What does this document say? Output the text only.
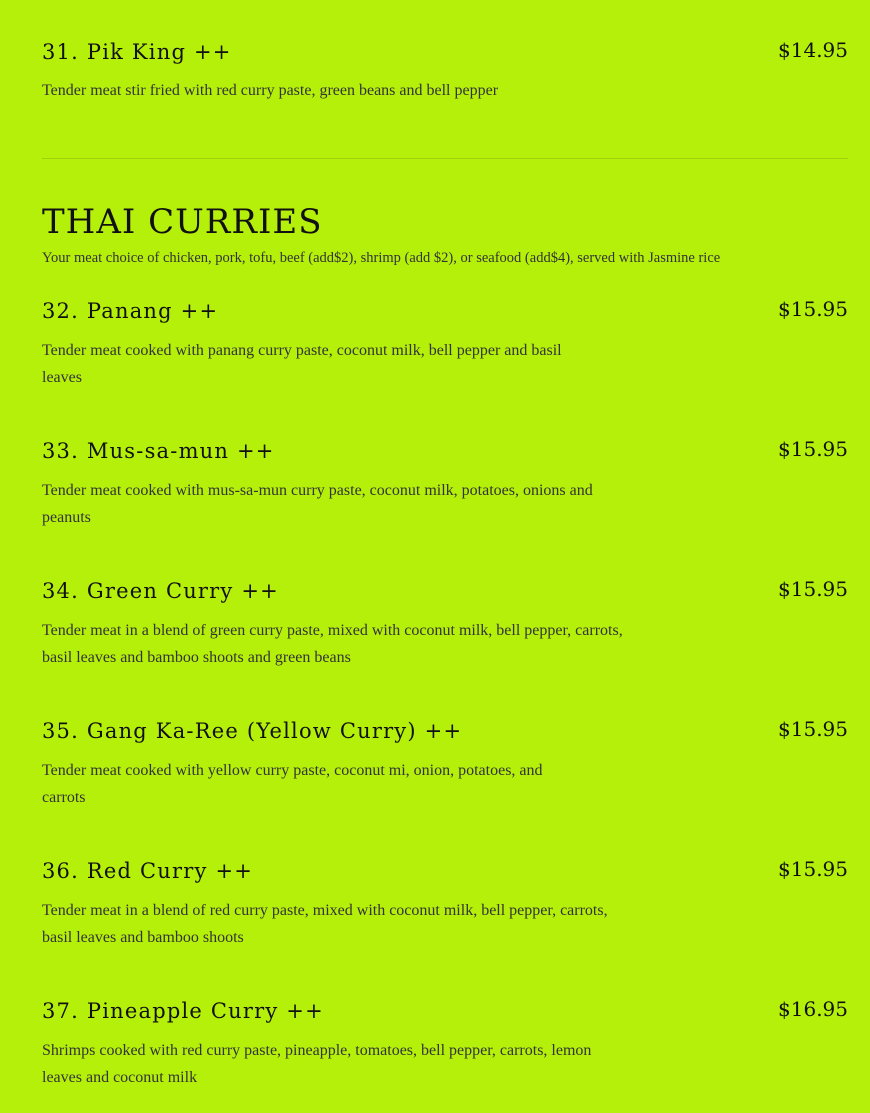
31. Pik King ++	$14.95
Tender meat stir fried with red curry paste, green beans and bell pepper
THAI CURRIES
Your meat choice of chicken, pork, tofu, beef (add$2), shrimp (add $2), or seafood (add$4), served with Jasmine rice
32. Panang ++	$15.95
Tender meat cooked with panang curry paste, coconut milk, bell pepper and basil leaves
33. Mus-sa-mun ++	$15.95
Tender meat cooked with mus-sa-mun curry paste, coconut milk, potatoes, onions and peanuts
34. Green Curry ++	$15.95
Tender meat in a blend of green curry paste, mixed with coconut milk, bell pepper, carrots, basil leaves and bamboo shoots and green beans
35. Gang Ka-Ree (Yellow Curry) ++	$15.95
Tender meat cooked with yellow curry paste, coconut mi, onion, potatoes, and carrots
36. Red Curry ++	$15.95
Tender meat in a blend of red curry paste, mixed with coconut milk, bell pepper, carrots, basil leaves and bamboo shoots
37. Pineapple Curry ++	$16.95
Shrimps cooked with red curry paste, pineapple, tomatoes, bell pepper, carrots, lemon leaves and coconut milk
